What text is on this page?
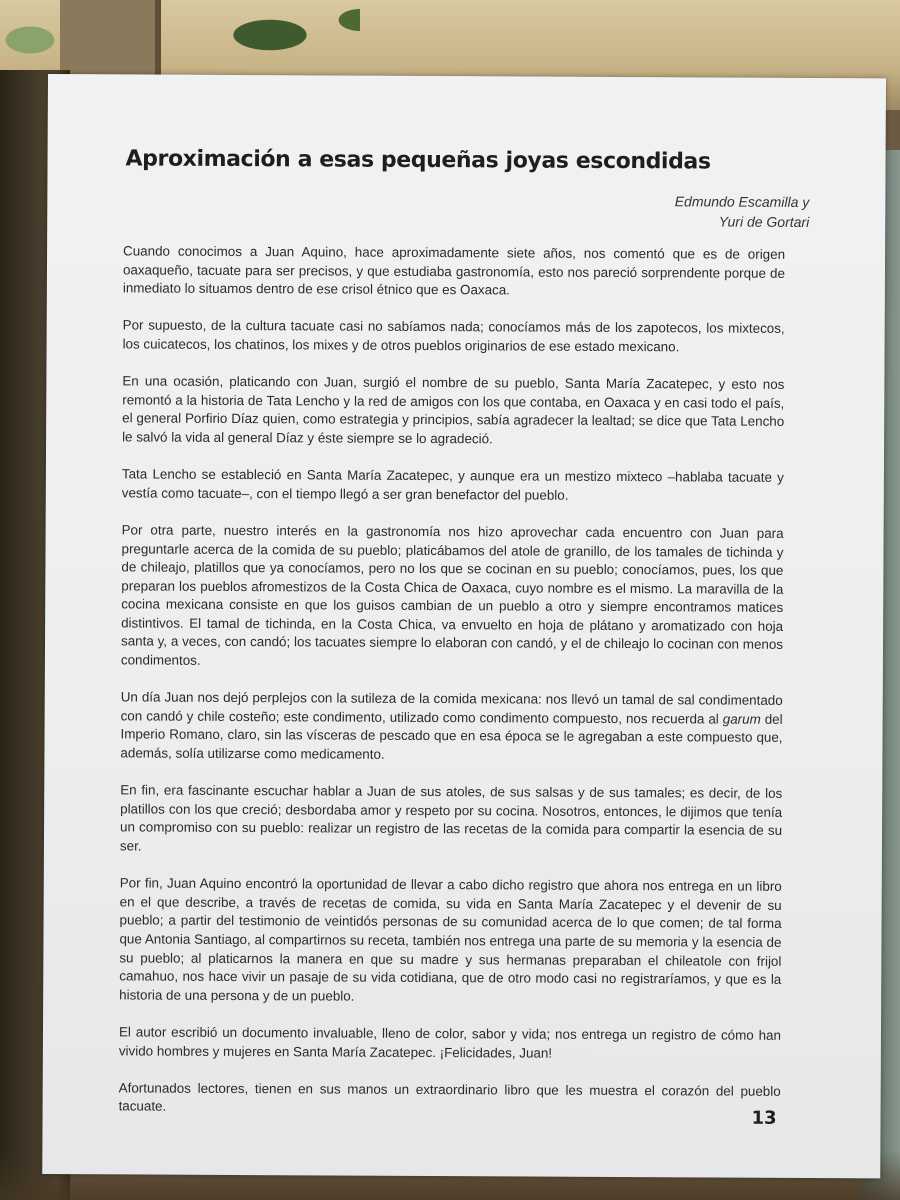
Aproximación a esas pequeñas joyas escondidas
Edmundo Escamilla y
Yuri de Gortari

Cuando conocimos a Juan Aquino, hace aproximadamente siete años, nos comentó que es de origen oaxaqueño, tacuate para ser precisos, y que estudiaba gastronomía, esto nos pareció sorprendente porque de inmediato lo situamos dentro de ese crisol étnico que es Oaxaca.

Por supuesto, de la cultura tacuate casi no sabíamos nada; conocíamos más de los zapotecos, los mixtecos, los cuicatecos, los chatinos, los mixes y de otros pueblos originarios de ese estado mexicano.

En una ocasión, platicando con Juan, surgió el nombre de su pueblo, Santa María Zacatepec, y esto nos remontó a la historia de Tata Lencho y la red de amigos con los que contaba, en Oaxaca y en casi todo el país, el general Porfirio Díaz quien, como estrategia y principios, sabía agradecer la lealtad; se dice que Tata Lencho le salvó la vida al general Díaz y éste siempre se lo agradeció.

Tata Lencho se estableció en Santa María Zacatepec, y aunque era un mestizo mixteco –hablaba tacuate y vestía como tacuate–, con el tiempo llegó a ser gran benefactor del pueblo.

Por otra parte, nuestro interés en la gastronomía nos hizo aprovechar cada encuentro con Juan para preguntarle acerca de la comida de su pueblo; platicábamos del atole de granillo, de los tamales de tichinda y de chileajo, platillos que ya conocíamos, pero no los que se cocinan en su pueblo; conocíamos, pues, los que preparan los pueblos afromestizos de la Costa Chica de Oaxaca, cuyo nombre es el mismo. La maravilla de la cocina mexicana consiste en que los guisos cambian de un pueblo a otro y siempre encontramos matices distintivos. El tamal de tichinda, en la Costa Chica, va envuelto en hoja de plátano y aromatizado con hoja santa y, a veces, con candó; los tacuates siempre lo elaboran con candó, y el de chileajo lo cocinan con menos condimentos.

Un día Juan nos dejó perplejos con la sutileza de la comida mexicana: nos llevó un tamal de sal condimentado con candó y chile costeño; este condimento, utilizado como condimento compuesto, nos recuerda al garum del Imperio Romano, claro, sin las vísceras de pescado que en esa época se le agregaban a este compuesto que, además, solía utilizarse como medicamento.

En fin, era fascinante escuchar hablar a Juan de sus atoles, de sus salsas y de sus tamales; es decir, de los platillos con los que creció; desbordaba amor y respeto por su cocina. Nosotros, entonces, le dijimos que tenía un compromiso con su pueblo: realizar un registro de las recetas de la comida para compartir la esencia de su ser.

Por fin, Juan Aquino encontró la oportunidad de llevar a cabo dicho registro que ahora nos entrega en un libro en el que describe, a través de recetas de comida, su vida en Santa María Zacatepec y el devenir de su pueblo; a partir del testimonio de veintidós personas de su comunidad acerca de lo que comen; de tal forma que Antonia Santiago, al compartirnos su receta, también nos entrega una parte de su memoria y la esencia de su pueblo; al platicarnos la manera en que su madre y sus hermanas preparaban el chileatole con frijol camahuo, nos hace vivir un pasaje de su vida cotidiana, que de otro modo casi no registraríamos, y que es la historia de una persona y de un pueblo.

El autor escribió un documento invaluable, lleno de color, sabor y vida; nos entrega un registro de cómo han vivido hombres y mujeres en Santa María Zacatepec. ¡Felicidades, Juan!

Afortunados lectores, tienen en sus manos un extraordinario libro que les muestra el corazón del pueblo tacuate.

13
